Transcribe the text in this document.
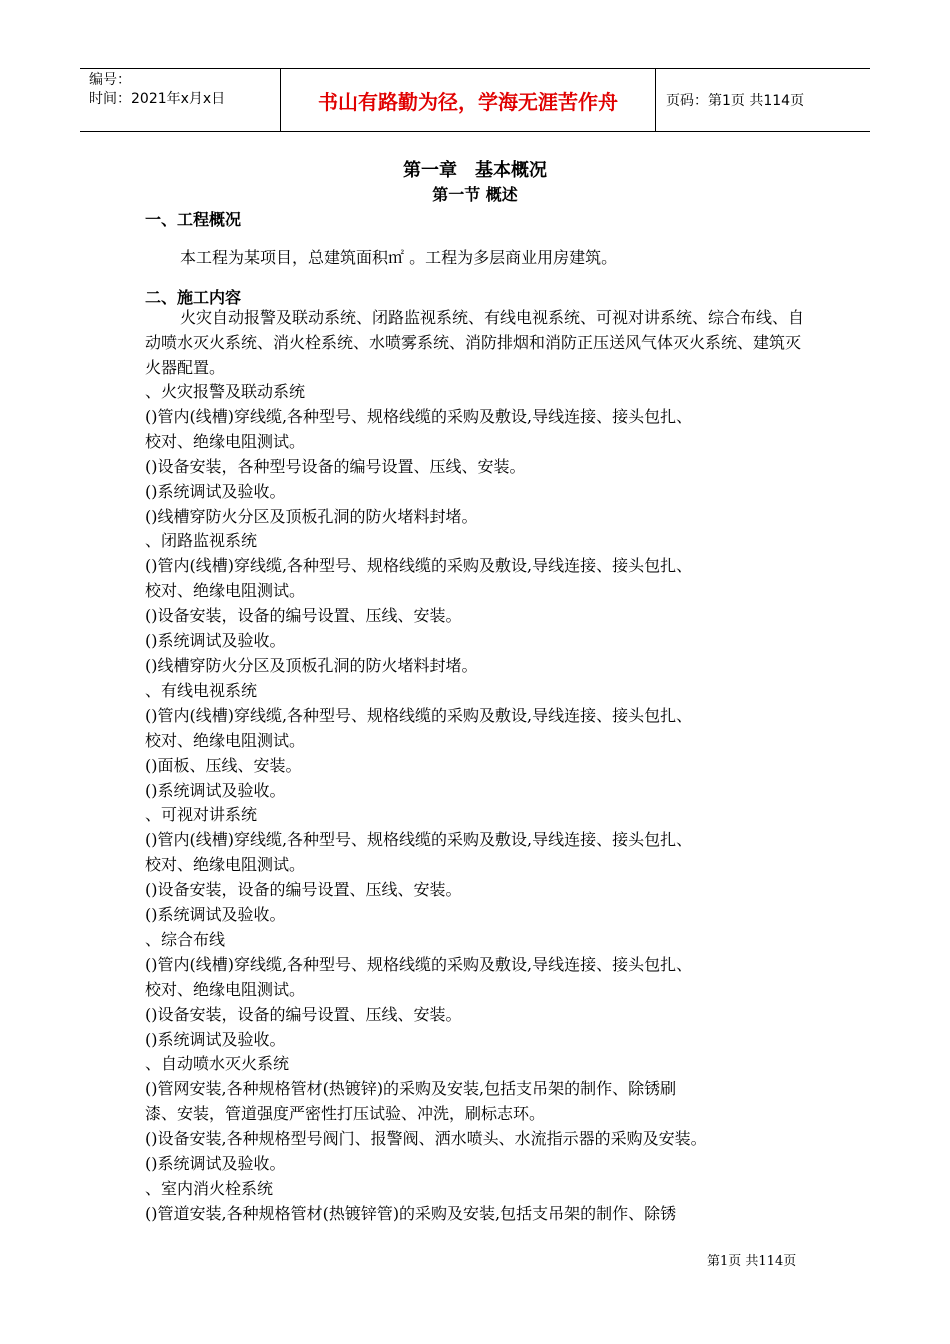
编号：
时间：2021年x月x日	书山有路勤为径，学海无涯苦作舟	页码：第1页 共114页
第一章　基本概况
第一节 概述
一、工程概况
本工程为某项目，总建筑面积㎡ 。工程为多层商业用房建筑。
二、施工内容
火灾自动报警及联动系统、闭路监视系统、有线电视系统、可视对讲系统、综合布线、自动喷水灭火系统、消火栓系统、水喷雾系统、消防排烟和消防正压送风气体灭火系统、建筑灭火器配置。
、火灾报警及联动系统
()管内(线槽)穿线缆,各种型号、规格线缆的采购及敷设,导线连接、接头包扎、
校对、绝缘电阻测试。
()设备安装，各种型号设备的编号设置、压线、安装。
()系统调试及验收。
()线槽穿防火分区及顶板孔洞的防火堵料封堵。
、闭路监视系统
()管内(线槽)穿线缆,各种型号、规格线缆的采购及敷设,导线连接、接头包扎、
校对、绝缘电阻测试。
()设备安装，设备的编号设置、压线、安装。
()系统调试及验收。
()线槽穿防火分区及顶板孔洞的防火堵料封堵。
、有线电视系统
()管内(线槽)穿线缆,各种型号、规格线缆的采购及敷设,导线连接、接头包扎、
校对、绝缘电阻测试。
()面板、压线、安装。
()系统调试及验收。
、可视对讲系统
()管内(线槽)穿线缆,各种型号、规格线缆的采购及敷设,导线连接、接头包扎、
校对、绝缘电阻测试。
()设备安装，设备的编号设置、压线、安装。
()系统调试及验收。
、综合布线
()管内(线槽)穿线缆,各种型号、规格线缆的采购及敷设,导线连接、接头包扎、
校对、绝缘电阻测试。
()设备安装，设备的编号设置、压线、安装。
()系统调试及验收。
、自动喷水灭火系统
()管网安装,各种规格管材(热镀锌)的采购及安装,包括支吊架的制作、除锈刷
漆、安装，管道强度严密性打压试验、冲洗，刷标志环。
()设备安装,各种规格型号阀门、报警阀、洒水喷头、水流指示器的采购及安装。
()系统调试及验收。
、室内消火栓系统
()管道安装,各种规格管材(热镀锌管)的采购及安装,包括支吊架的制作、除锈
第1页 共114页
